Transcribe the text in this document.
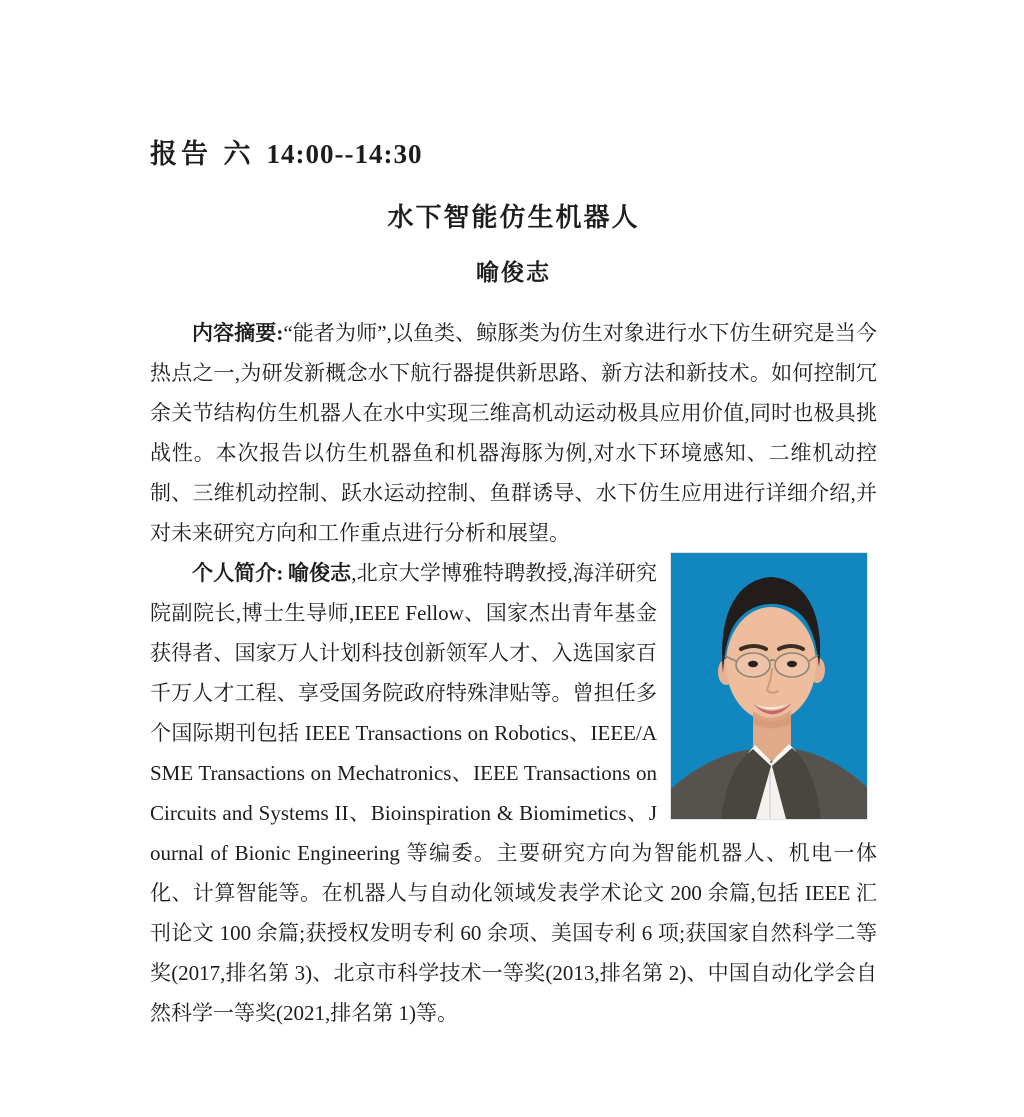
报告 六 14:00--14:30
水下智能仿生机器人
喻俊志

内容摘要:“能者为师”,以鱼类、鲸豚类为仿生对象进行水下仿生研究是当今热点之一,为研发新概念水下航行器提供新思路、新方法和新技术。如何控制冗余关节结构仿生机器人在水中实现三维高机动运动极具应用价值,同时也极具挑战性。本次报告以仿生机器鱼和机器海豚为例,对水下环境感知、二维机动控制、三维机动控制、跃水运动控制、鱼群诱导、水下仿生应用进行详细介绍,并对未来研究方向和工作重点进行分析和展望。

个人简介: 喻俊志,北京大学博雅特聘教授,海洋研究院副院长,博士生导师,IEEE Fellow、国家杰出青年基金获得者、国家万人计划科技创新领军人才、入选国家百千万人才工程、享受国务院政府特殊津贴等。曾担任多个国际期刊包括 IEEE Transactions on Robotics、IEEE/ASME Transactions on Mechatronics、IEEE Transactions on Circuits and Systems II、Bioinspiration & Biomimetics、Journal of Bionic Engineering 等编委。主要研究方向为智能机器人、机电一体化、计算智能等。在机器人与自动化领域发表学术论文 200 余篇,包括 IEEE 汇刊论文 100 余篇;获授权发明专利 60 余项、美国专利 6 项;获国家自然科学二等奖(2017,排名第 3)、北京市科学技术一等奖(2013,排名第 2)、中国自动化学会自然科学一等奖(2021,排名第 1)等。
